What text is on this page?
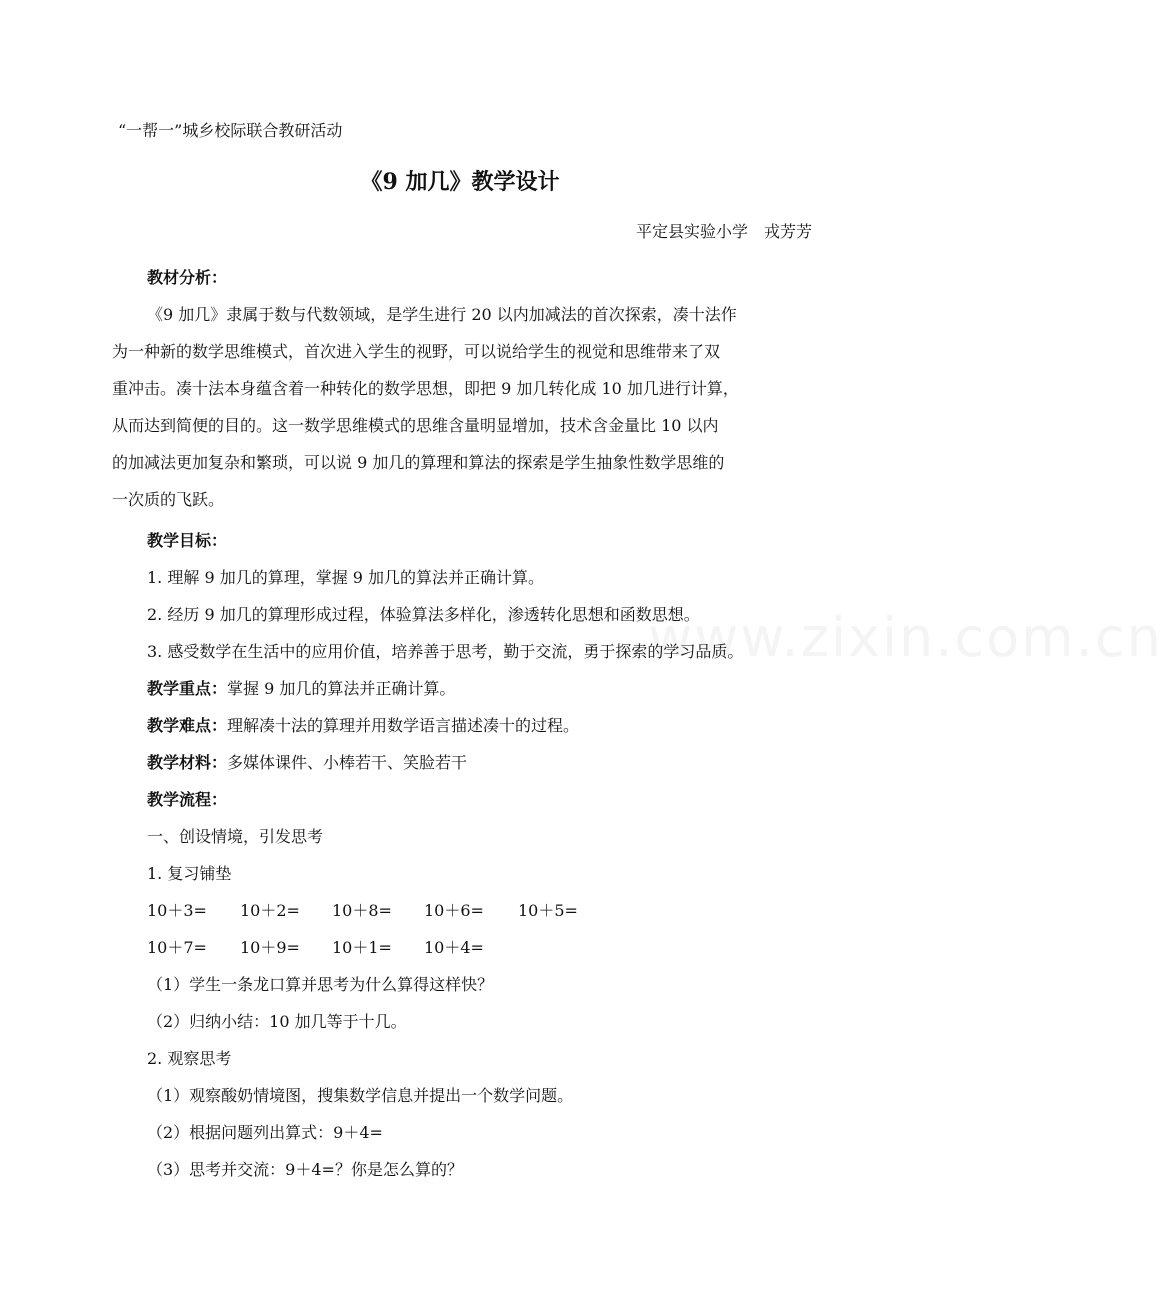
www.zixin.com.cn
“一帮一”城乡校际联合教研活动
《9 加几》教学设计
平定县实验小学　戎芳芳
教材分析：
《9 加几》隶属于数与代数领域，是学生进行 20 以内加减法的首次探索，凑十法作
为一种新的数学思维模式，首次进入学生的视野，可以说给学生的视觉和思维带来了双
重冲击。凑十法本身蕴含着一种转化的数学思想，即把 9 加几转化成 10 加几进行计算，
从而达到简便的目的。这一数学思维模式的思维含量明显增加，技术含金量比 10 以内
的加减法更加复杂和繁琐，可以说 9 加几的算理和算法的探索是学生抽象性数学思维的
一次质的飞跃。
教学目标：
1. 理解 9 加几的算理，掌握 9 加几的算法并正确计算。
2. 经历 9 加几的算理形成过程，体验算法多样化，渗透转化思想和函数思想。
3. 感受数学在生活中的应用价值，培养善于思考，勤于交流，勇于探索的学习品质。
教学重点：掌握 9 加几的算法并正确计算。
教学难点：理解凑十法的算理并用数学语言描述凑十的过程。
教学材料：多媒体课件、小棒若干、笑脸若干
教学流程：
一、创设情境，引发思考
1. 复习铺垫
10＋3= 10＋2= 10＋8= 10＋6= 10＋5=
10＋7= 10＋9= 10＋1= 10＋4=
（1）学生一条龙口算并思考为什么算得这样快？
（2）归纳小结：10 加几等于十几。
2. 观察思考
（1）观察酸奶情境图，搜集数学信息并提出一个数学问题。
（2）根据问题列出算式：9＋4=
（3）思考并交流：9＋4=？你是怎么算的？
